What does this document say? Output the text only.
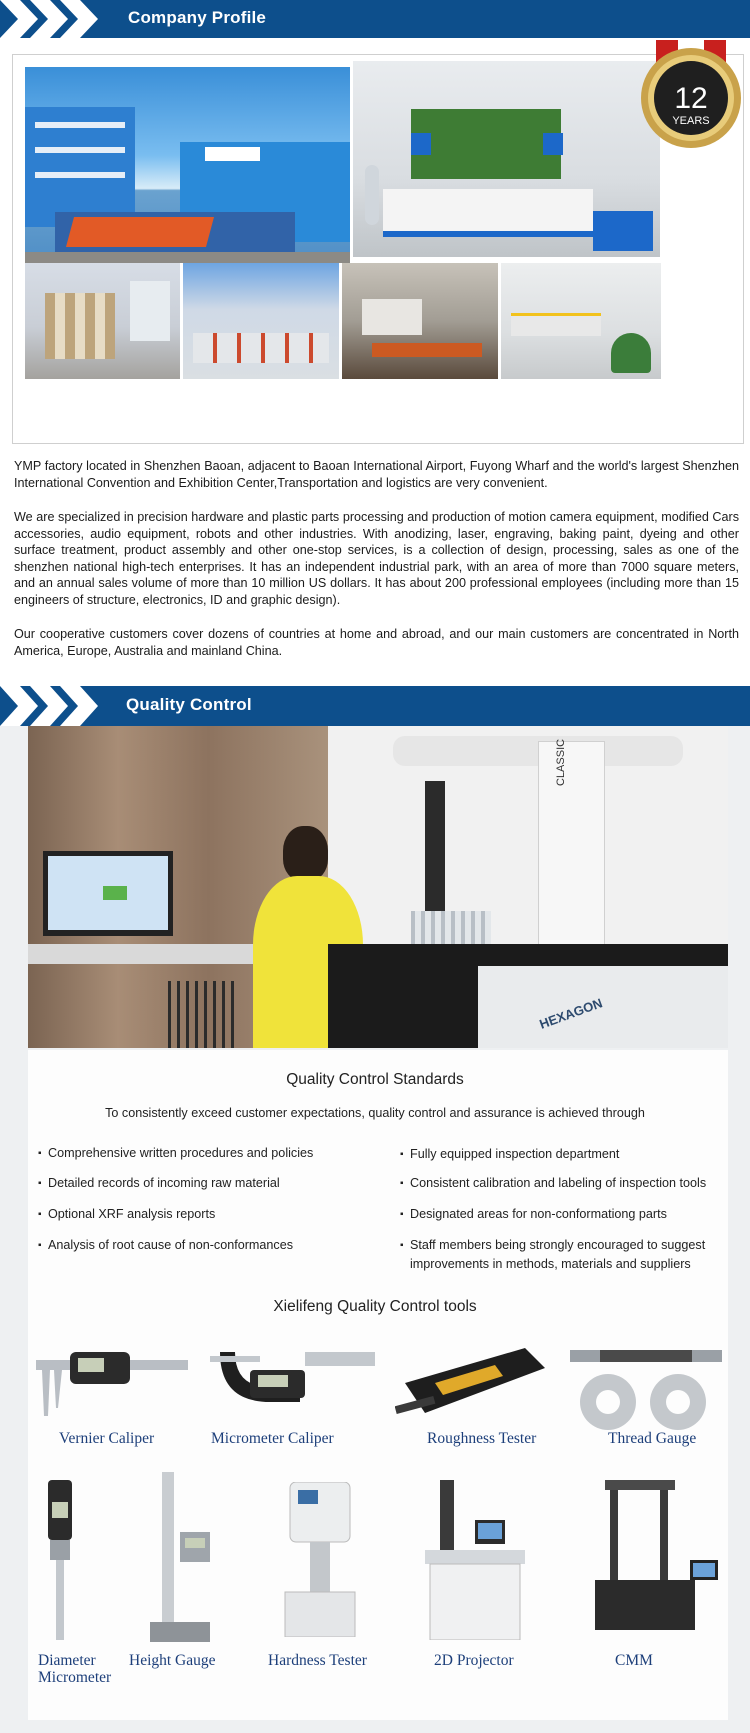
Company Profile
12
YEARS
YMP factory located in Shenzhen Baoan, adjacent to Baoan International Airport, Fuyong Wharf and the world's largest Shenzhen International Convention and Exhibition Center,Transportation and logistics are very convenient.
We are specialized in precision hardware and plastic parts processing and production of motion camera equipment, modified Cars accessories, audio equipment, robots and other industries. With anodizing, laser, engraving, baking paint, dyeing and other surface treatment, product assembly and other one-stop services, is a collection of design, processing, sales as one of the shenzhen national high-tech enterprises. It has an independent industrial park, with an area of more than 7000 square meters, and an annual sales volume of more than 10 million US dollars. It has about 200 professional employees (including more than 15 engineers of structure, electronics, ID and graphic design).
Our cooperative customers cover dozens of countries at home and abroad, and our main customers are concentrated in North America, Europe, Australia and mainland China.
Quality Control
CLASSIC
HEXAGON
Quality Control Standards
To consistently exceed customer expectations, quality control and assurance is achieved through
▪ Comprehensive written procedures and policies
▪ Detailed records of incoming raw material
▪ Optional XRF analysis reports
▪ Analysis of root cause of non-conformances
▪ Fully equipped inspection department
▪ Consistent calibration and labeling of inspection tools
▪ Designated areas for non-conformationg parts
▪ Staff members being strongly encouraged to suggest improvements in methods, materials and suppliers
Xielifeng Quality Control tools
Vernier Caliper	Micrometer Caliper	Roughness Tester	Thread Gauge
Diameter Micrometer
Height Gauge	Hardness Tester	2D Projector	CMM
